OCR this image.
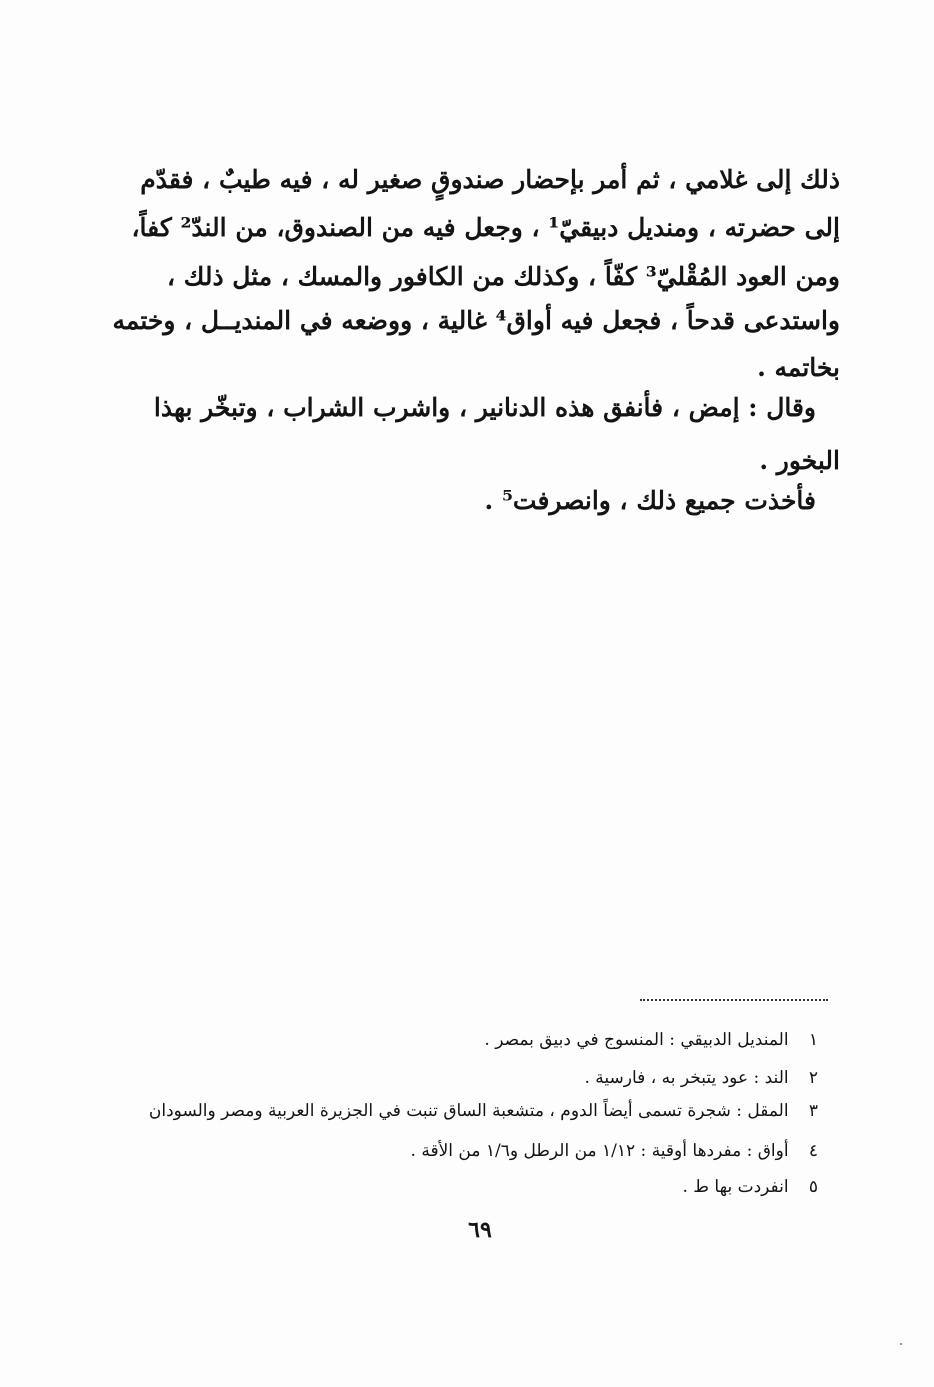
ذلك إلى غلامي ، ثم أمر بإحضار صندوقٍ صغير له ، فيه طيبٌ ، فقدّم
إلى حضرته ، ومنديل دبيقيّ¹ ، وجعل فيه من الصندوق، من الندّ² كفاً،
ومن العود المُقْليّ³ كفّاً ، وكذلك من الكافور والمسك ، مثل ذلك ،
واستدعى قدحاً ، فجعل فيه أواق⁴ غالية ، ووضعه في المنديــل ، وختمه
بخاتمه .
وقال : إمض ، فأنفق هذه الدنانير ، واشرب الشراب ، وتبخّر بهذا
البخور .
فأخذت جميع ذلك ، وانصرفت⁵ .
١ المنديل الدبيقي : المنسوج في دبيق بمصر .
٢ الند : عود يتبخر به ، فارسية .
٣ المقل : شجرة تسمى أيضاً الدوم ، متشعبة الساق تنبت في الجزيرة العربية ومصر والسودان
٤ أواق : مفردها أوقية : ١/١٢ من الرطل و١/٦ من الأقة .
٥ انفردت بها ط .
٦٩
